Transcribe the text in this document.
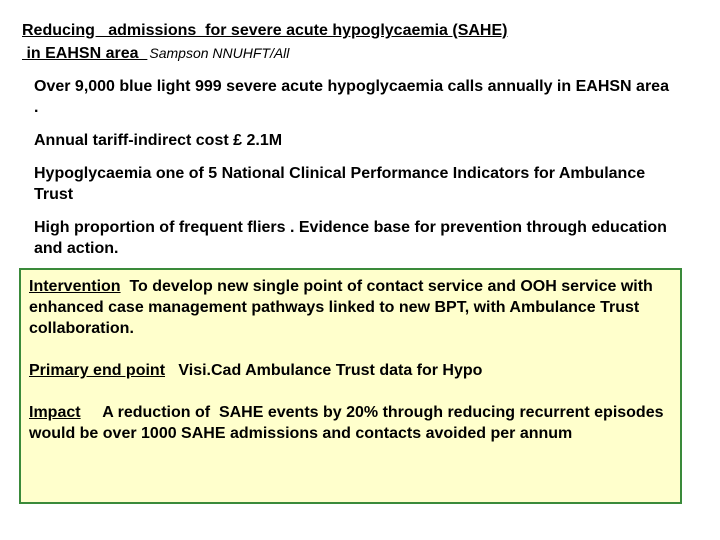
Reducing   admissions  for severe acute hypoglycaemia (SAHE)
in EAHSN area  Sampson NNUHFT/All

Over 9,000 blue light 999 severe acute hypoglycaemia calls annually in EAHSN area .

Annual tariff-indirect cost £ 2.1M

Hypoglycaemia one of 5 National Clinical Performance Indicators for Ambulance Trust

High proportion of frequent fliers . Evidence base for prevention through education and action.

Intervention  To develop new single point of contact service and OOH service with enhanced case management pathways linked to new BPT, with Ambulance Trust collaboration.

Primary end point   Visi.Cad Ambulance Trust data for Hypo

Impact     A reduction of  SAHE events by 20% through reducing recurrent episodes would be over 1000 SAHE admissions and contacts avoided per annum
